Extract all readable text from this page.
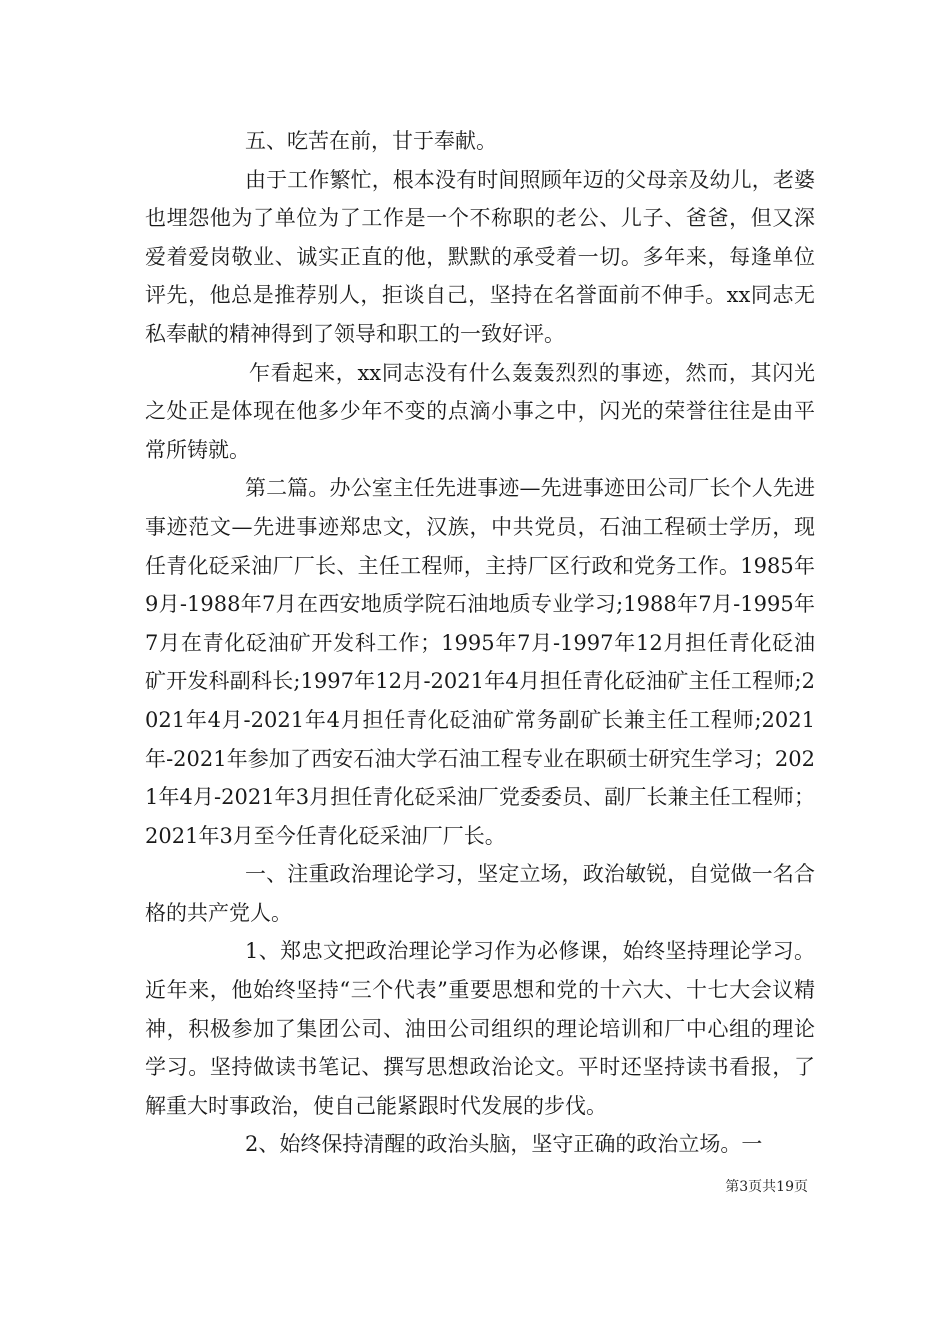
五、吃苦在前，甘于奉献。

由于工作繁忙，根本没有时间照顾年迈的父母亲及幼儿，老婆也埋怨他为了单位为了工作是一个不称职的老公、儿子、爸爸，但又深爱着爱岗敬业、诚实正直的他，默默的承受着一切。多年来，每逢单位评先，他总是推荐别人，拒谈自己，坚持在名誉面前不伸手。xx同志无私奉献的精神得到了领导和职工的一致好评。

乍看起来，xx同志没有什么轰轰烈烈的事迹，然而，其闪光之处正是体现在他多少年不变的点滴小事之中，闪光的荣誉往往是由平常所铸就。

第二篇。办公室主任先进事迹—先进事迹田公司厂长个人先进事迹范文—先进事迹郑忠文，汉族，中共党员，石油工程硕士学历，现任青化砭采油厂厂长、主任工程师，主持厂区行政和党务工作。1985年9月-1988年7月在西安地质学院石油地质专业学习;1988年7月-1995年7月在青化砭油矿开发科工作；1995年7月-1997年12月担任青化砭油矿开发科副科长;1997年12月-2021年4月担任青化砭油矿主任工程师;2021年4月-2021年4月担任青化砭油矿常务副矿长兼主任工程师;2021年-2021年参加了西安石油大学石油工程专业在职硕士研究生学习；2021年4月-2021年3月担任青化砭采油厂党委委员、副厂长兼主任工程师；2021年3月至今任青化砭采油厂厂长。

一、注重政治理论学习，坚定立场，政治敏锐，自觉做一名合格的共产党人。

1、郑忠文把政治理论学习作为必修课，始终坚持理论学习。近年来，他始终坚持“三个代表”重要思想和党的十六大、十七大会议精神，积极参加了集团公司、油田公司组织的理论培训和厂中心组的理论学习。坚持做读书笔记、撰写思想政治论文。平时还坚持读书看报，了解重大时事政治，使自己能紧跟时代发展的步伐。

2、始终保持清醒的政治头脑，坚守正确的政治立场。一

第3页共19页
